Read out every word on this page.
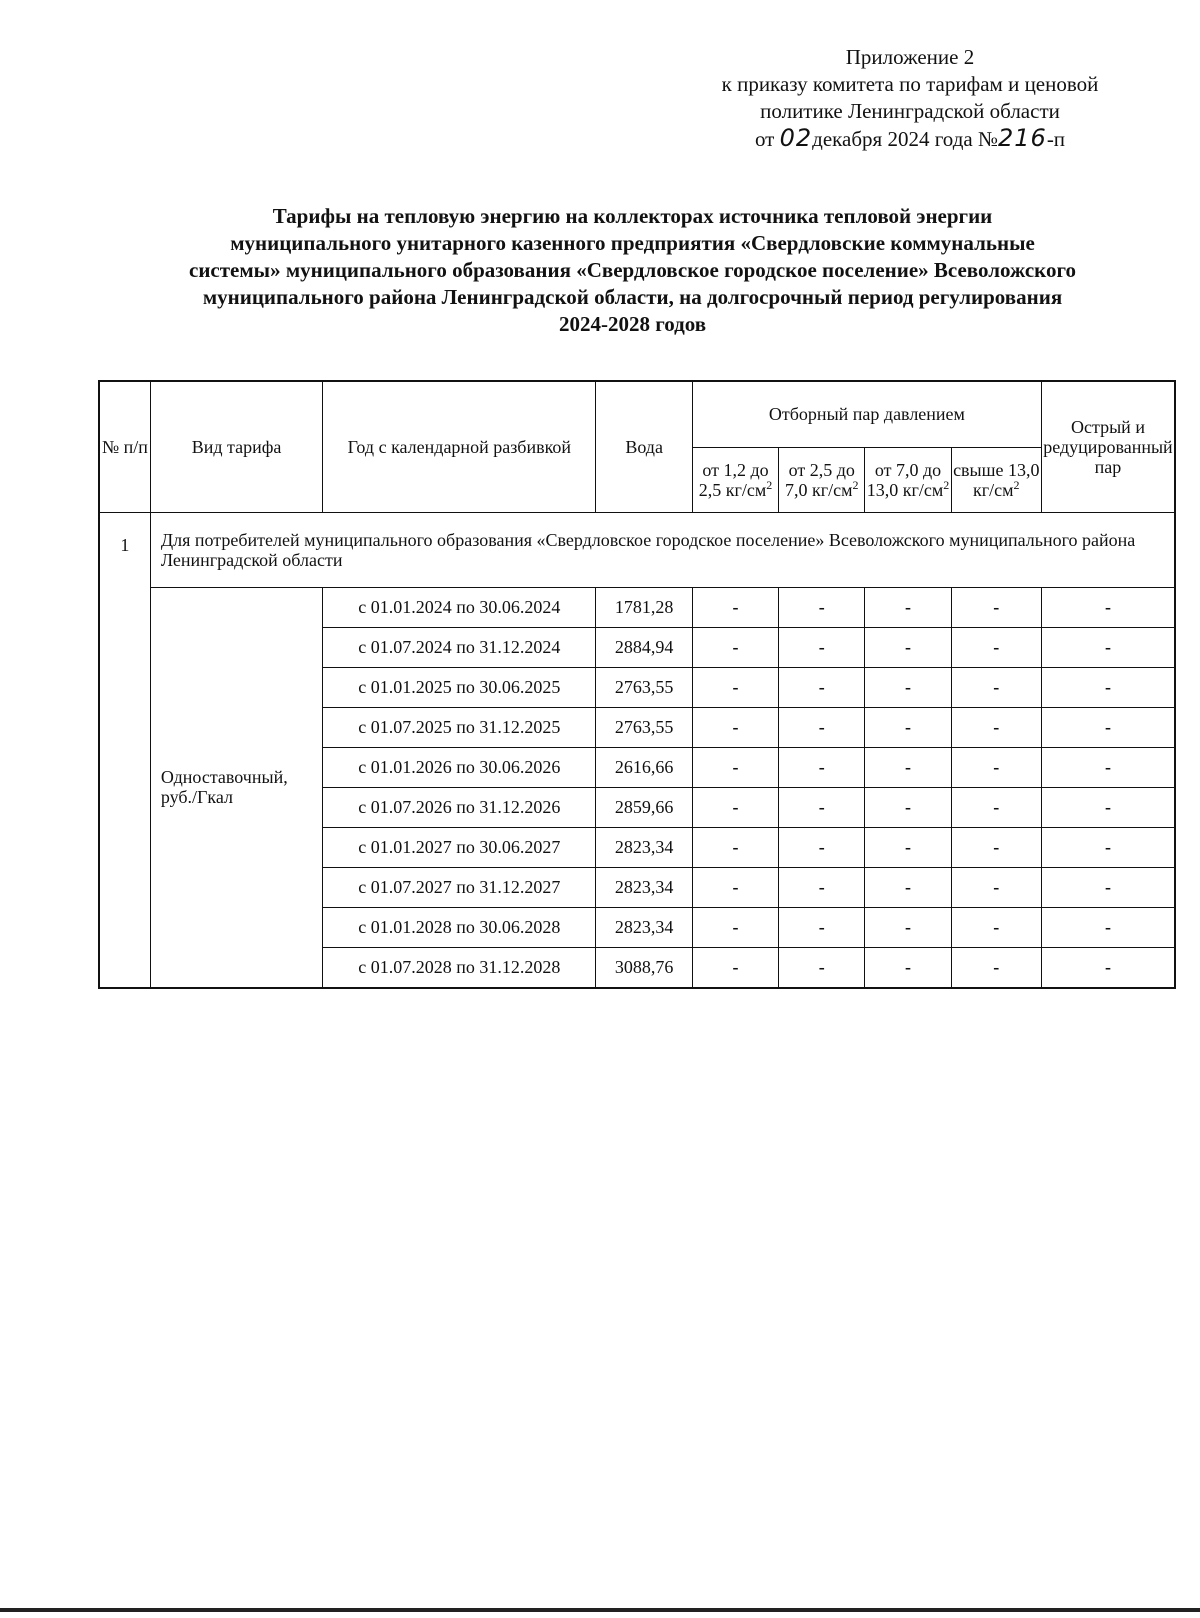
Приложение 2
к приказу комитета по тарифам и ценовой
политике Ленинградской области
от 02декабря 2024 года №216-п
Тарифы на тепловую энергию на коллекторах источника тепловой энергии
муниципального унитарного казенного предприятия «Свердловские коммунальные
системы» муниципального образования «Свердловское городское поселение» Всеволожского
муниципального района Ленинградской области, на долгосрочный период регулирования
2024-2028 годов
№ п/п	Вид тарифа	Год с календарной разбивкой	Вода	Отборный пар давлением				Острый и редуцированный пар
				от 1,2 до 2,5 $кг/см^2$	от 2,5 до 7,0 $кг/см^2$	от 7,0 до 13,0 $кг/см^2$	свыше 13,0 $кг/см^2$
1	Для потребителей муниципального образования «Свердловское городское поселение» Всеволожского муниципального района Ленинградской области							
	Одноставочный, руб./Гкал	с 01.01.2024 по 30.06.2024	1781,28	-	-	-	-	-
		с 01.07.2024 по 31.12.2024	2884,94	-	-	-	-	-
		с 01.01.2025 по 30.06.2025	2763,55	-	-	-	-	-
		с 01.07.2025 по 31.12.2025	2763,55	-	-	-	-	-
		с 01.01.2026 по 30.06.2026	2616,66	-	-	-	-	-
		с 01.07.2026 по 31.12.2026	2859,66	-	-	-	-	-
		с 01.01.2027 по 30.06.2027	2823,34	-	-	-	-	-
		с 01.07.2027 по 31.12.2027	2823,34	-	-	-	-	-
		с 01.01.2028 по 30.06.2028	2823,34	-	-	-	-	-
		с 01.07.2028 по 31.12.2028	3088,76	-	-	-	-	-
